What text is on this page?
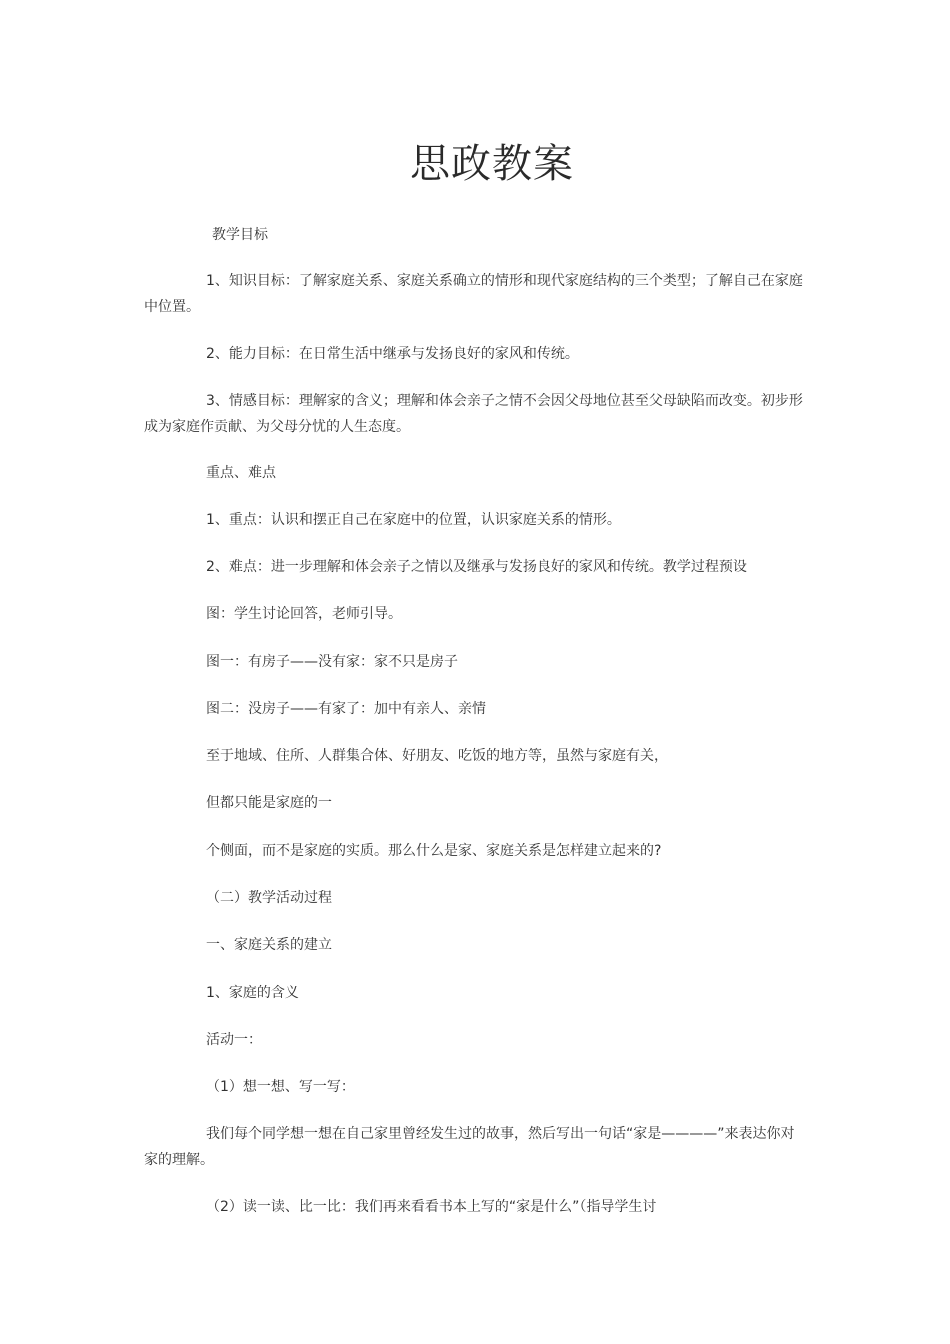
思政教案

教学目标

1、知识目标：了解家庭关系、家庭关系确立的情形和现代家庭结构的三个类型；了解自己在家庭中位置。

2、能力目标：在日常生活中继承与发扬良好的家风和传统。

3、情感目标：理解家的含义；理解和体会亲子之情不会因父母地位甚至父母缺陷而改变。初步形成为家庭作贡献、为父母分忧的人生态度。

重点、难点

1、重点：认识和摆正自己在家庭中的位置，认识家庭关系的情形。

2、难点：进一步理解和体会亲子之情以及继承与发扬良好的家风和传统。教学过程预设

图：学生讨论回答，老师引导。

图一：有房子——没有家：家不只是房子

图二：没房子——有家了：加中有亲人、亲情

至于地域、住所、人群集合体、好朋友、吃饭的地方等，虽然与家庭有关，

但都只能是家庭的一

个侧面，而不是家庭的实质。那么什么是家、家庭关系是怎样建立起来的?

（二）教学活动过程

一、家庭关系的建立

1、家庭的含义

活动一：

（1）想一想、写一写：

我们每个同学想一想在自己家里曾经发生过的故事，然后写出一句话“家是————”来表达你对家的理解。

（2）读一读、比一比：我们再来看看书本上写的“家是什么”（指导学生讨
